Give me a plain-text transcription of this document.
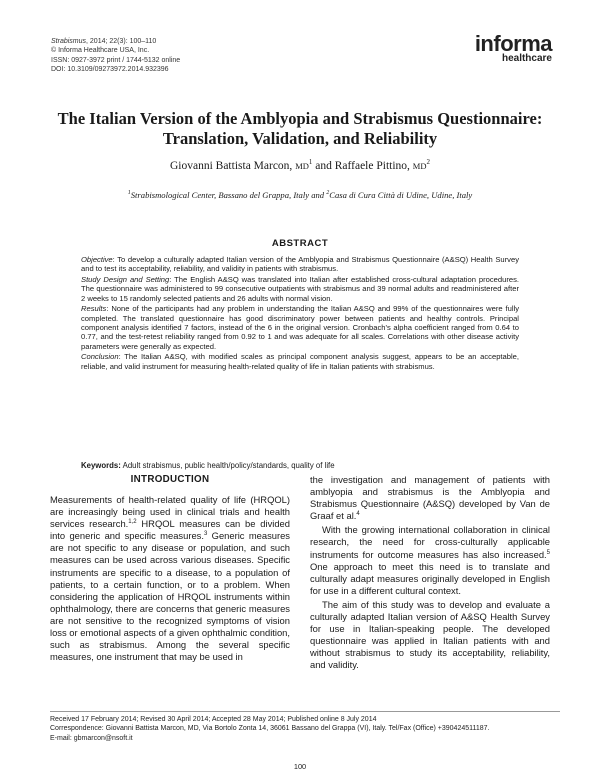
Strabismus, 2014; 22(3): 100–110
© Informa Healthcare USA, Inc.
ISSN: 0927-3972 print / 1744-5132 online
DOI: 10.3109/09273972.2014.932396
informa
healthcare
The Italian Version of the Amblyopia and Strabismus Questionnaire: Translation, Validation, and Reliability
Giovanni Battista Marcon, $MD^1$ and Raffaele Pittino, $MD^2$
$^1$Strabismological Center, Bassano del Grappa, Italy and $^2$Casa di Cura Città di Udine, Udine, Italy
ABSTRACT

Objective: To develop a culturally adapted Italian version of the Amblyopia and Strabismus Questionnaire (A&SQ) Health Survey and to test its acceptability, reliability, and validity in patients with strabismus.

Study Design and Setting: The English A&SQ was translated into Italian after established cross-cultural adaptation procedures. The questionnaire was administered to 99 consecutive outpatients with strabismus and 39 normal adults and readministered after 2 weeks to 15 randomly selected patients and 26 adults with normal vision.

Results: None of the participants had any problem in understanding the Italian A&SQ and 99% of the questionnaires were fully completed. The translated questionnaire has good discriminatory power between patients and healthy controls. Principal component analysis identified 7 factors, instead of the 6 in the original version. Cronbach's alpha coefficient ranged from 0.64 to 0.77, and the test-retest reliability ranged from 0.92 to 1 and was adequate for all scales. Correlations with other disease activity parameters were generally as expected.

Conclusion: The Italian A&SQ, with modified scales as principal component analysis suggest, appears to be an acceptable, reliable, and valid instrument for measuring health-related quality of life in Italian patients with strabismus.

Keywords: Adult strabismus, public health/policy/standards, quality of life
INTRODUCTION

Measurements of health-related quality of life (HRQOL) are increasingly being used in clinical trials and health services research.$^{1,2}$ HRQOL measures can be divided into generic and specific measures.$^3$ Generic measures are not specific to any disease or population, and such measures can be used across various diseases. Specific instruments are specific to a disease, to a population of patients, to a certain function, or to a problem. When considering the application of HRQOL instruments within ophthalmology, there are concerns that generic measures are not sensitive to the recognized symptoms of vision loss or emotional aspects of a given ophthalmic condition, such as strabismus. Among the several specific measures, one instrument that may be used in

the investigation and management of patients with amblyopia and strabismus is the Amblyopia and Strabismus Questionnaire (A&SQ) developed by Van de Graaf et al.$^4$

With the growing international collaboration in clinical research, the need for cross-culturally applicable instruments for outcome measures has also increased.$^5$ One approach to meet this need is to translate and culturally adapt measures originally developed in English for use in a different cultural context.

The aim of this study was to develop and evaluate a culturally adapted Italian version of A&SQ Health Survey for use in Italian-speaking people. The developed questionnaire was applied in Italian patients with and without strabismus to study its acceptability, reliability, and validity.

Received 17 February 2014; Revised 30 April 2014; Accepted 28 May 2014; Published online 8 July 2014
Correspondence: Giovanni Battista Marcon, MD, Via Bortolo Zonta 14, 36061 Bassano del Grappa (VI), Italy. Tel/Fax (Office) +390424511187.
E-mail: gbmarcon@nsoft.it
100
